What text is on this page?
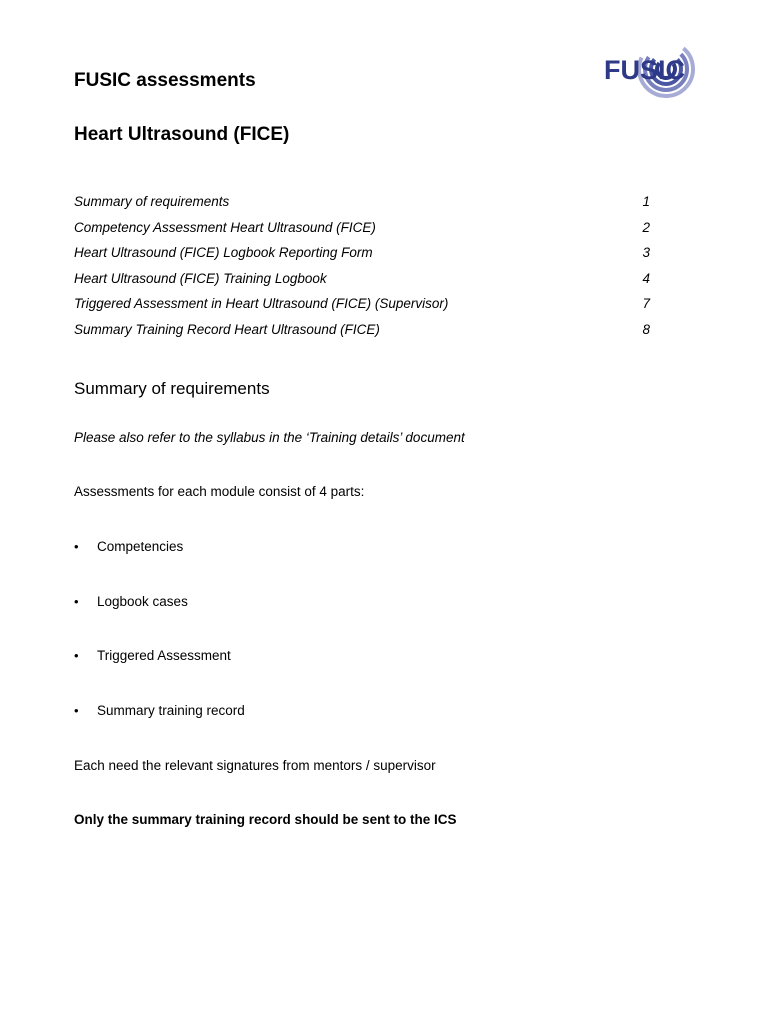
FUSIC
FUSIC assessments
Heart Ultrasound (FICE)
Summary of requirements	1
Competency Assessment Heart Ultrasound (FICE)	2
Heart Ultrasound (FICE) Logbook Reporting Form	3
Heart Ultrasound (FICE) Training Logbook	4
Triggered Assessment in Heart Ultrasound (FICE) (Supervisor)	7
Summary Training Record Heart Ultrasound (FICE)	8
Summary of requirements

Please also refer to the syllabus in the ‘Training details’ document

Assessments for each module consist of 4 parts:

•	Competencies
•	Logbook cases
•	Triggered Assessment
•	Summary training record

Each need the relevant signatures from mentors / supervisor

Only the summary training record should be sent to the ICS
